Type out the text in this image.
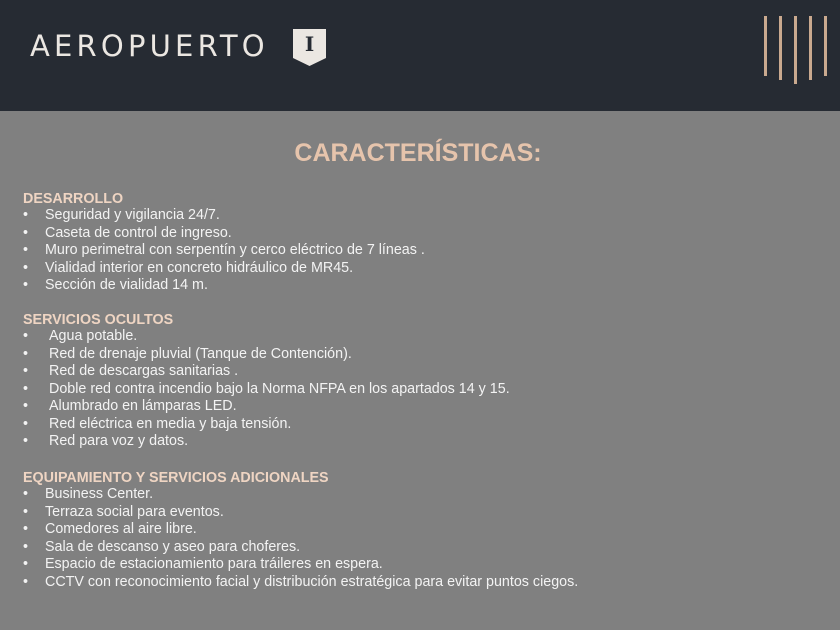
AEROPUERTO	I
CARACTERÍSTICAS:
DESARROLLO
• Seguridad y vigilancia 24/7.
• Caseta de control de ingreso.
• Muro perimetral con serpentín y cerco eléctrico de 7 líneas .
• Vialidad interior en concreto hidráulico de MR45.
• Sección de vialidad 14 m.
SERVICIOS OCULTOS
• Agua potable.
• Red de drenaje pluvial (Tanque de Contención).
• Red de descargas sanitarias .
• Doble red contra incendio bajo la Norma NFPA en los apartados 14 y 15.
• Alumbrado en lámparas LED.
• Red eléctrica en media y baja tensión.
• Red para voz y datos.
EQUIPAMIENTO Y SERVICIOS ADICIONALES
• Business Center.
• Terraza social para eventos.
• Comedores al aire libre.
• Sala de descanso y aseo para choferes.
• Espacio de estacionamiento para tráileres en espera.
• CCTV con reconocimiento facial y distribución estratégica para evitar puntos ciegos.
